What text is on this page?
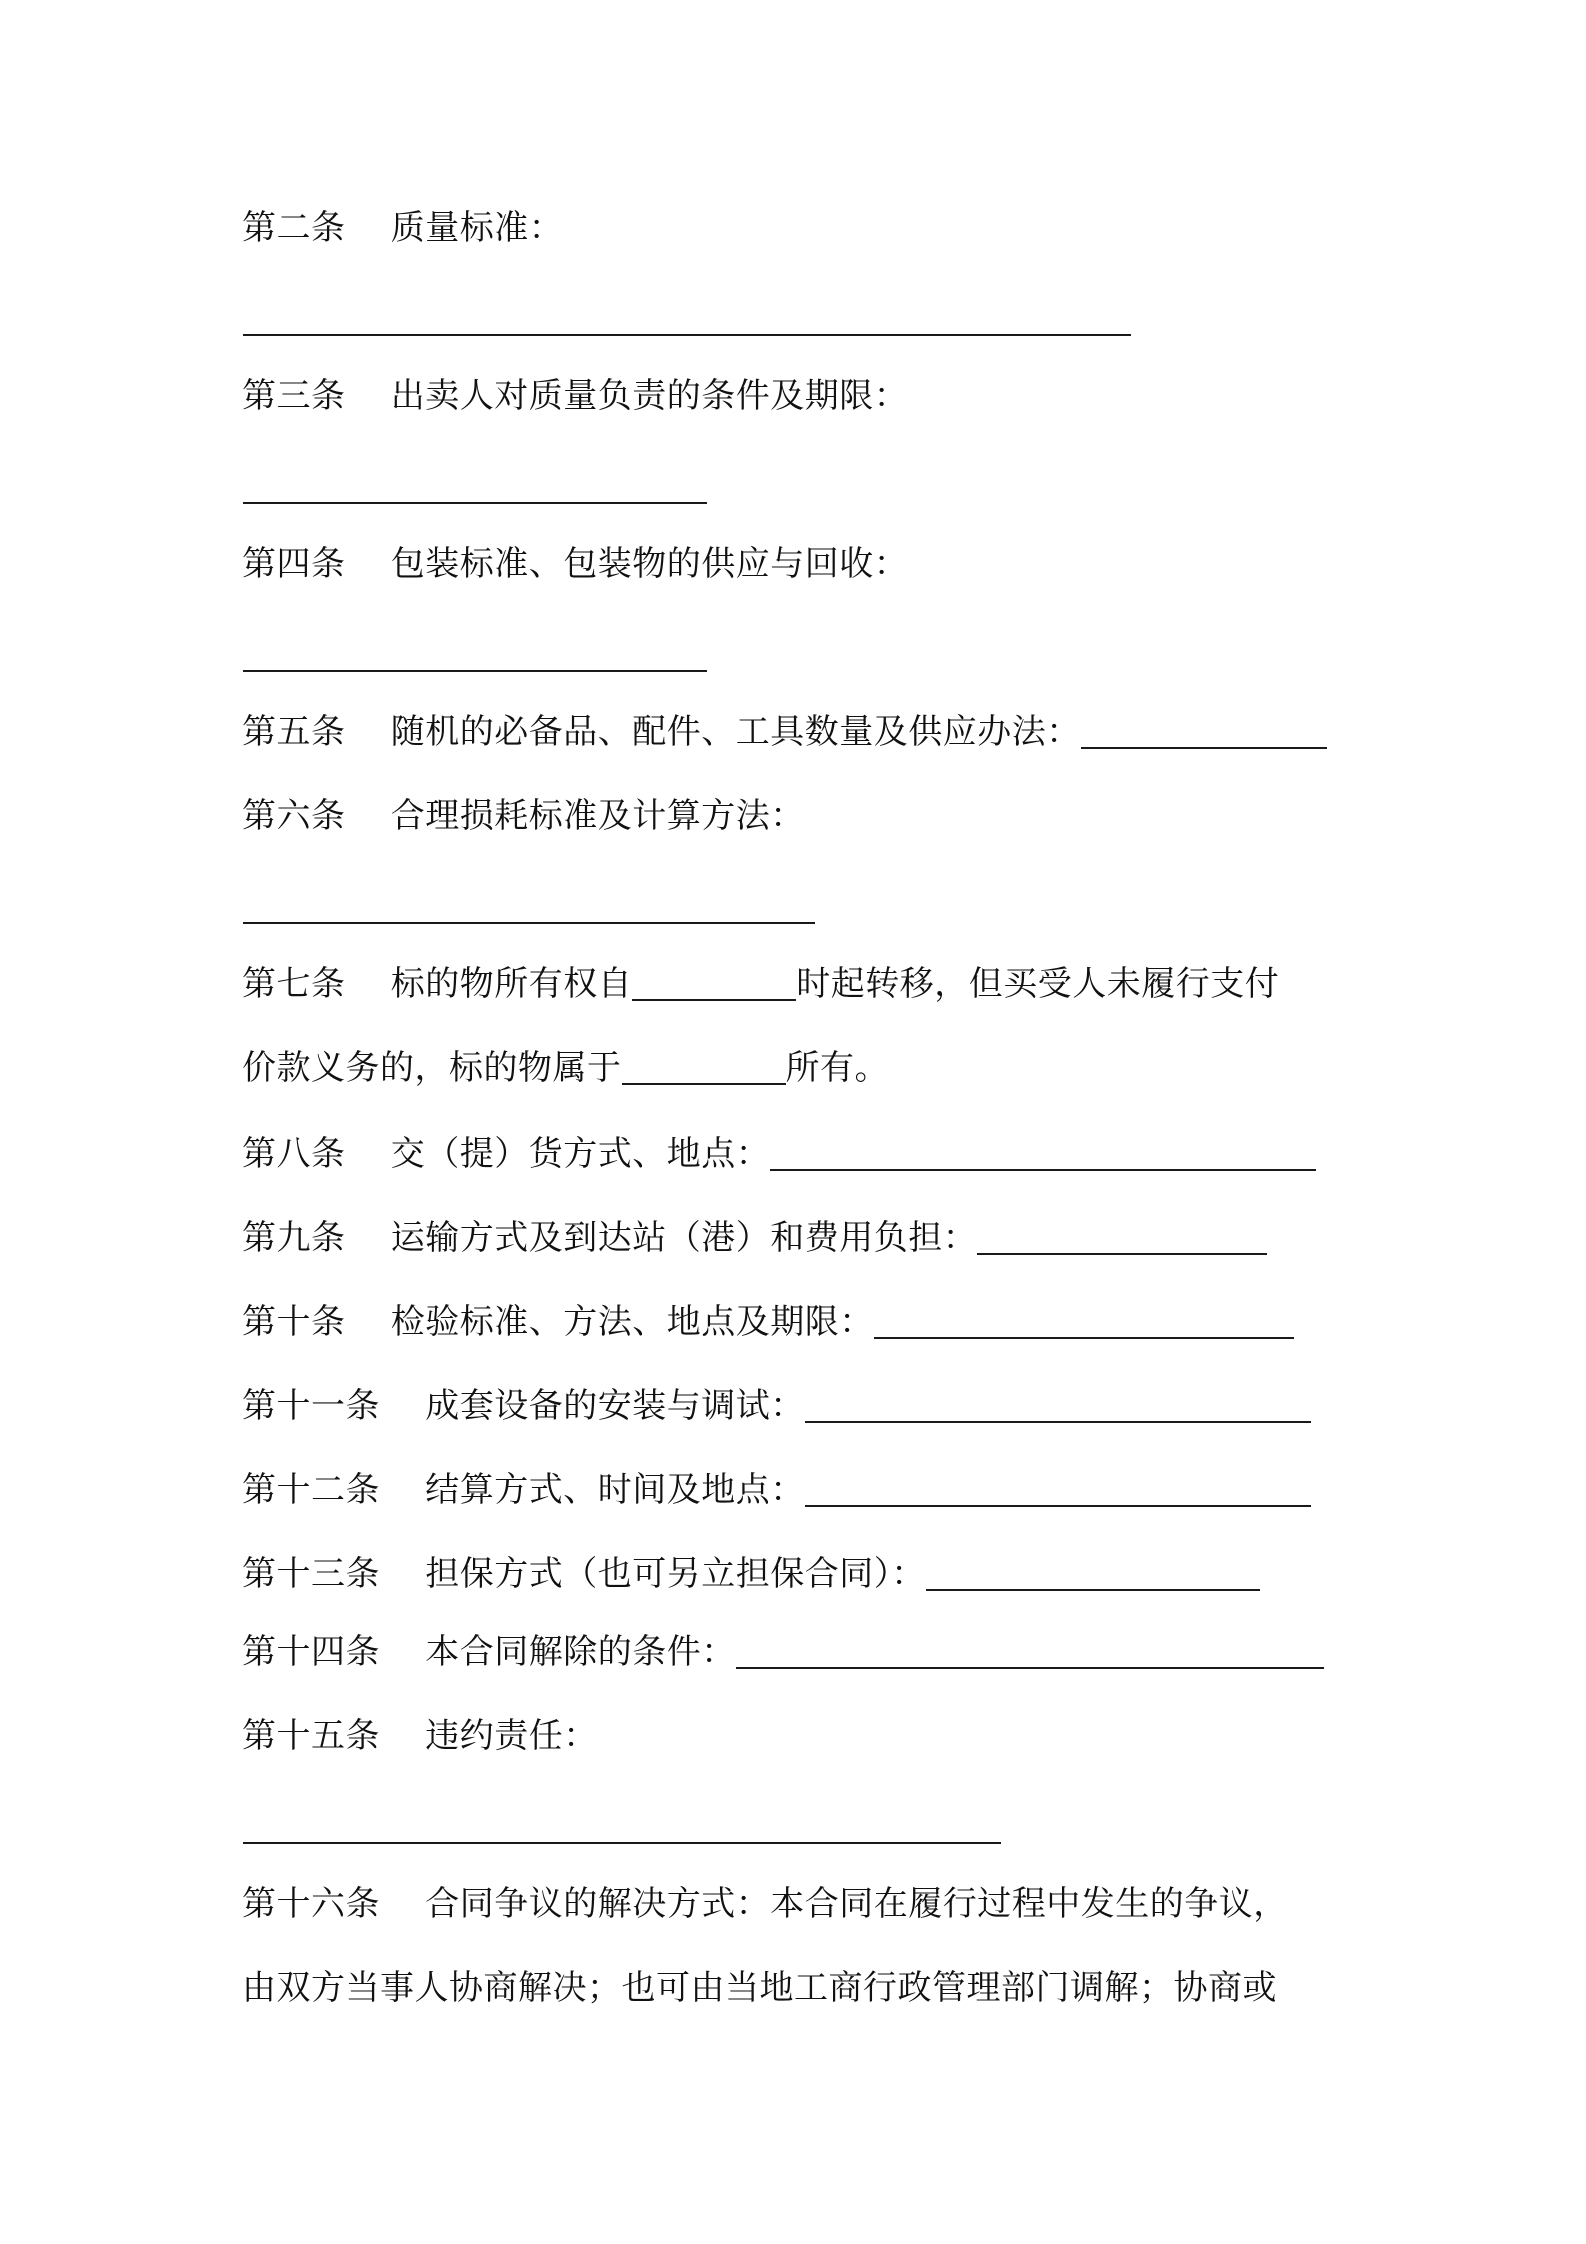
第二条 质量标准：

第三条 出卖人对质量负责的条件及期限：

第四条 包装标准、包装物的供应与回收：

第五条 随机的必备品、配件、工具数量及供应办法：

第六条 合理损耗标准及计算方法：

第七条 标的物所有权自	时起转移，但买受人未履行支付

价款义务的，标的物属于	所有。

第八条 交（提）货方式、地点：

第九条 运输方式及到达站（港）和费用负担：

第十条 检验标准、方法、地点及期限：

第十一条 成套设备的安装与调试：

第十二条 结算方式、时间及地点：

第十三条 担保方式（也可另立担保合同）：

第十四条 本合同解除的条件：

第十五条 违约责任：

第十六条 合同争议的解决方式：本合同在履行过程中发生的争议，

由双方当事人协商解决；也可由当地工商行政管理部门调解；协商或
